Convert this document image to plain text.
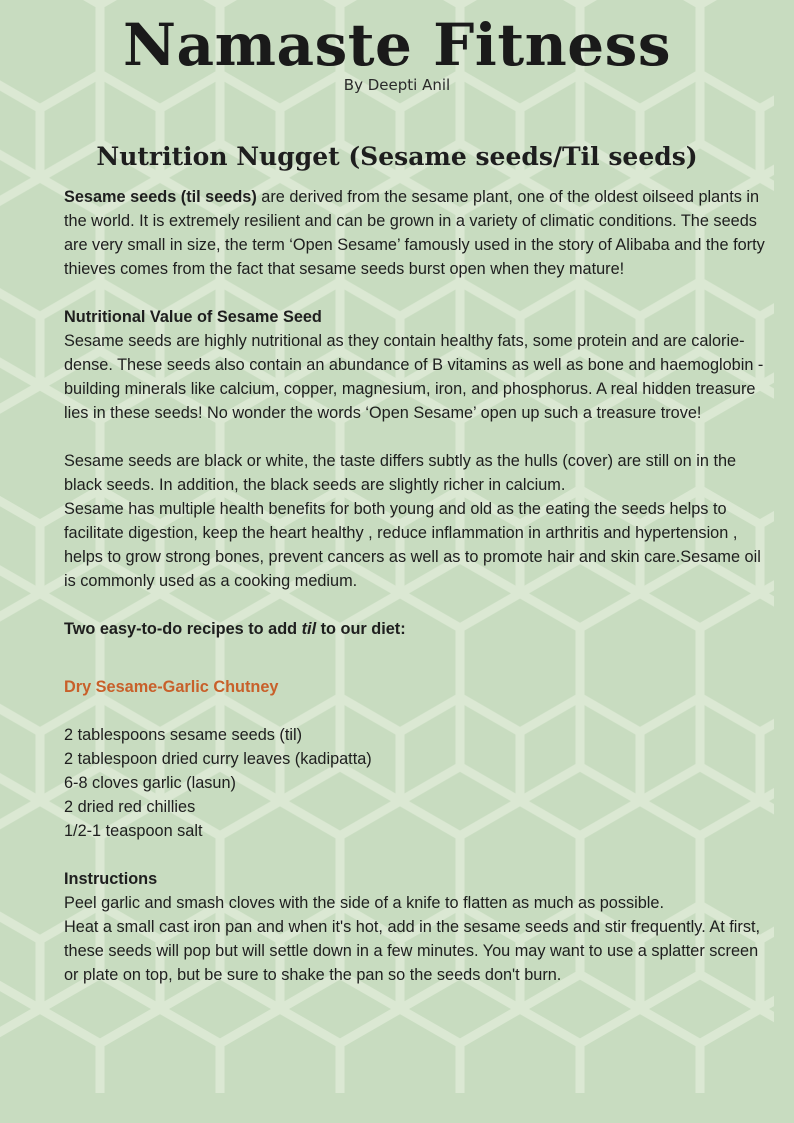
Namaste Fitness
By Deepti Anil
Nutrition Nugget (Sesame seeds/Til seeds)

Sesame seeds (til seeds) are derived from the sesame plant, one of the oldest oilseed plants in the world. It is extremely resilient and can be grown in a variety of climatic conditions. The seeds are very small in size, the term ‘Open Sesame’ famously used in the story of Alibaba and the forty thieves comes from the fact that sesame seeds burst open when they mature!

Nutritional Value of Sesame Seed

Sesame seeds are highly nutritional as they contain healthy fats, some protein and are calorie- dense. These seeds also contain an abundance of B vitamins as well as bone and haemoglobin - building minerals like calcium, copper, magnesium, iron, and phosphorus. A real hidden treasure lies in these seeds! No wonder the words ‘Open Sesame’ open up such a treasure trove!

Sesame seeds are black or white, the taste differs subtly as the hulls (cover) are still on in the black seeds. In addition, the black seeds are slightly richer in calcium.

Sesame has multiple health benefits for both young and old as the eating the seeds helps to facilitate digestion, keep the heart healthy , reduce inflammation in arthritis and hypertension , helps to grow strong bones, prevent cancers as well as to promote hair and skin care.Sesame oil is commonly used as a cooking medium.

Two easy-to-do recipes to add til to our diet:

Dry Sesame-Garlic Chutney

2 tablespoons sesame seeds (til)

2 tablespoon dried curry leaves (kadipatta)

6-8 cloves garlic (lasun)

2 dried red chillies

1/2-1 teaspoon salt

Instructions

Peel garlic and smash cloves with the side of a knife to flatten as much as possible.

Heat a small cast iron pan and when it's hot, add in the sesame seeds and stir frequently. At first, these seeds will pop but will settle down in a few minutes. You may want to use a splatter screen or plate on top, but be sure to shake the pan so the seeds don't burn.
